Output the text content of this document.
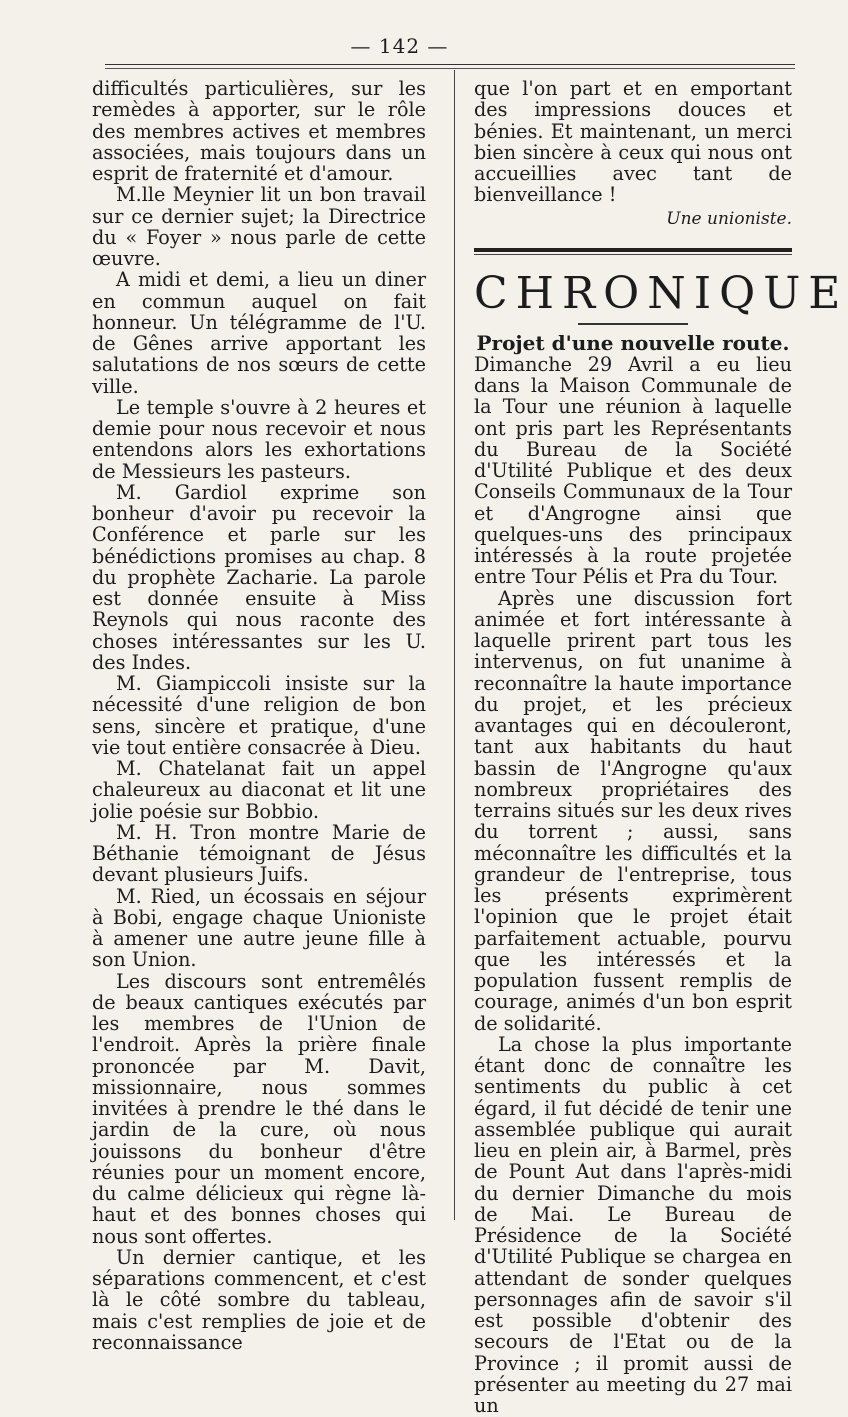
— 142 —

difficultés particulières, sur les remèdes à apporter, sur le rôle des membres actives et membres associées, mais toujours dans un esprit de fraternité et d'amour.

M.lle Meynier lit un bon travail sur ce dernier sujet; la Directrice du « Foyer » nous parle de cette œuvre.

A midi et demi, a lieu un diner en commun auquel on fait honneur. Un télégramme de l'U. de Gênes arrive apportant les salutations de nos sœurs de cette ville.

Le temple s'ouvre à 2 heures et demie pour nous recevoir et nous entendons alors les exhortations de Messieurs les pasteurs.

M. Gardiol exprime son bonheur d'avoir pu recevoir la Conférence et parle sur les bénédictions promises au chap. 8 du prophète Zacharie. La parole est donnée ensuite à Miss Reynols qui nous raconte des choses intéressantes sur les U. des Indes.

M. Giampiccoli insiste sur la nécessité d'une religion de bon sens, sincère et pratique, d'une vie tout entière consacrée à Dieu.

M. Chatelanat fait un appel chaleureux au diaconat et lit une jolie poésie sur Bobbio.

M. H. Tron montre Marie de Béthanie témoignant de Jésus devant plusieurs Juifs.

M. Ried, un écossais en séjour à Bobi, engage chaque Unioniste à amener une autre jeune fille à son Union.

Les discours sont entremêlés de beaux cantiques exécutés par les membres de l'Union de l'endroit. Après la prière finale prononcée par M. Davit, missionnaire, nous sommes invitées à prendre le thé dans le jardin de la cure, où nous jouissons du bonheur d'être réunies pour un moment encore, du calme délicieux qui règne là-haut et des bonnes choses qui nous sont offertes.

Un dernier cantique, et les séparations commencent, et c'est là le côté sombre du tableau, mais c'est remplies de joie et de reconnaissance

que l'on part et en emportant des impressions douces et bénies. Et maintenant, un merci bien sincère à ceux qui nous ont accueillies avec tant de bienveillance !

Une unioniste.
CHRONIQUE

Projet d'une nouvelle route.

Dimanche 29 Avril a eu lieu dans la Maison Communale de la Tour une réunion à laquelle ont pris part les Représentants du Bureau de la Société d'Utilité Publique et des deux Conseils Communaux de la Tour et d'Angrogne ainsi que quelques-uns des principaux intéressés à la route projetée entre Tour Pélis et Pra du Tour.

Après une discussion fort animée et fort intéressante à laquelle prirent part tous les intervenus, on fut unanime à reconnaître la haute importance du projet, et les précieux avantages qui en découleront, tant aux habitants du haut bassin de l'Angrogne qu'aux nombreux propriétaires des terrains situés sur les deux rives du torrent ; aussi, sans méconnaître les difficultés et la grandeur de l'entreprise, tous les présents exprimèrent l'opinion que le projet était parfaitement actuable, pourvu que les intéressés et la population fussent remplis de courage, animés d'un bon esprit de solidarité.

La chose la plus importante étant donc de connaître les sentiments du public à cet égard, il fut décidé de tenir une assemblée publique qui aurait lieu en plein air, à Barmel, près de Pount Aut dans l'après-midi du dernier Dimanche du mois de Mai. Le Bureau de Présidence de la Société d'Utilité Publique se chargea en attendant de sonder quelques personnages afin de savoir s'il est possible d'obtenir des secours de l'Etat ou de la Province ; il promit aussi de présenter au meeting du 27 mai un
